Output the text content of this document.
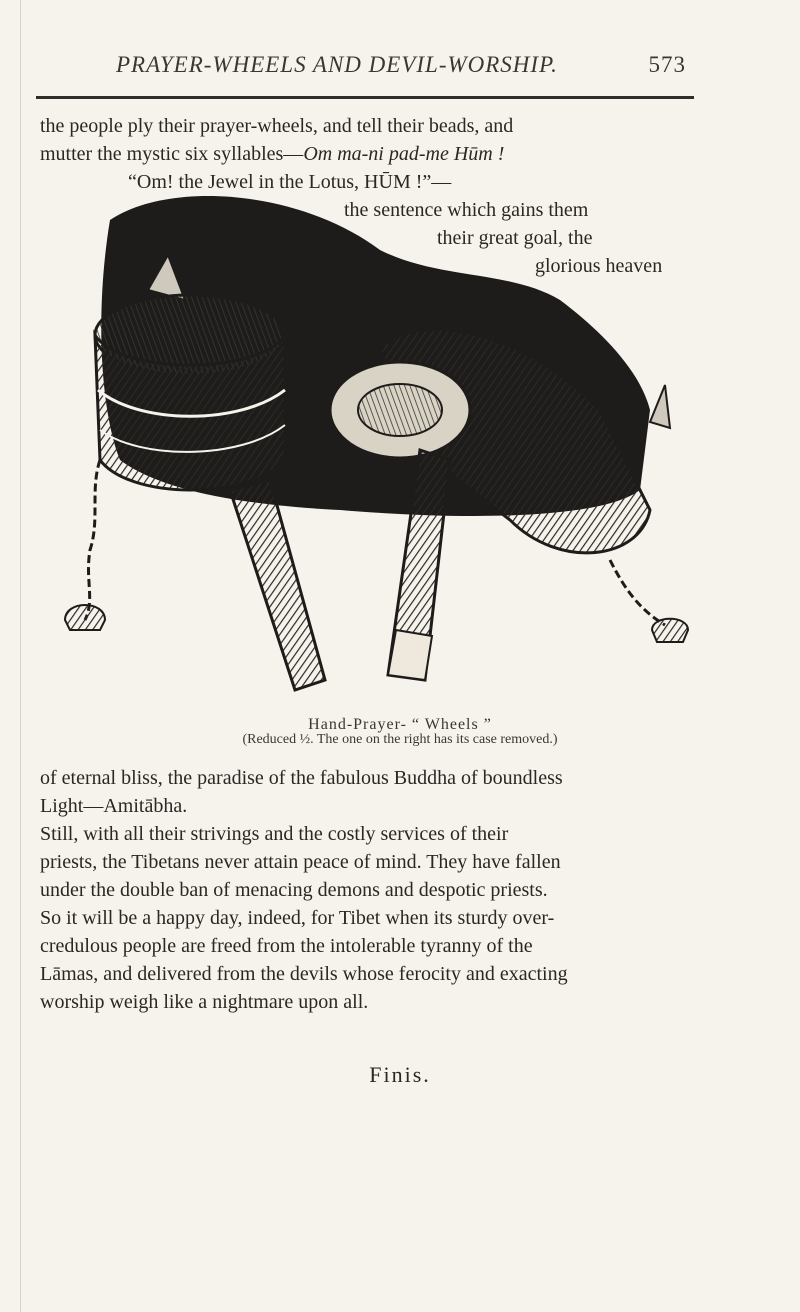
PRAYER-WHEELS AND DEVIL-WORSHIP.	573
the people ply their prayer-wheels, and tell their beads, and
mutter the mystic six syllables—Om ma-ni pad-me Hūm !
“Om! the Jewel in the Lotus, HŪM !”—
the sentence which gains them
their great goal, the
glorious heaven
Hand-Prayer- “ Wheels ”
(Reduced ½. The one on the right has its case removed.)
of eternal bliss, the paradise of the fabulous Buddha of boundless
Light—Amitābha.
Still, with all their strivings and the costly services of their
priests, the Tibetans never attain peace of mind. They have fallen
under the double ban of menacing demons and despotic priests.
So it will be a happy day, indeed, for Tibet when its sturdy over-
credulous people are freed from the intolerable tyranny of the
Lāmas, and delivered from the devils whose ferocity and exacting
worship weigh like a nightmare upon all.
Finis.
